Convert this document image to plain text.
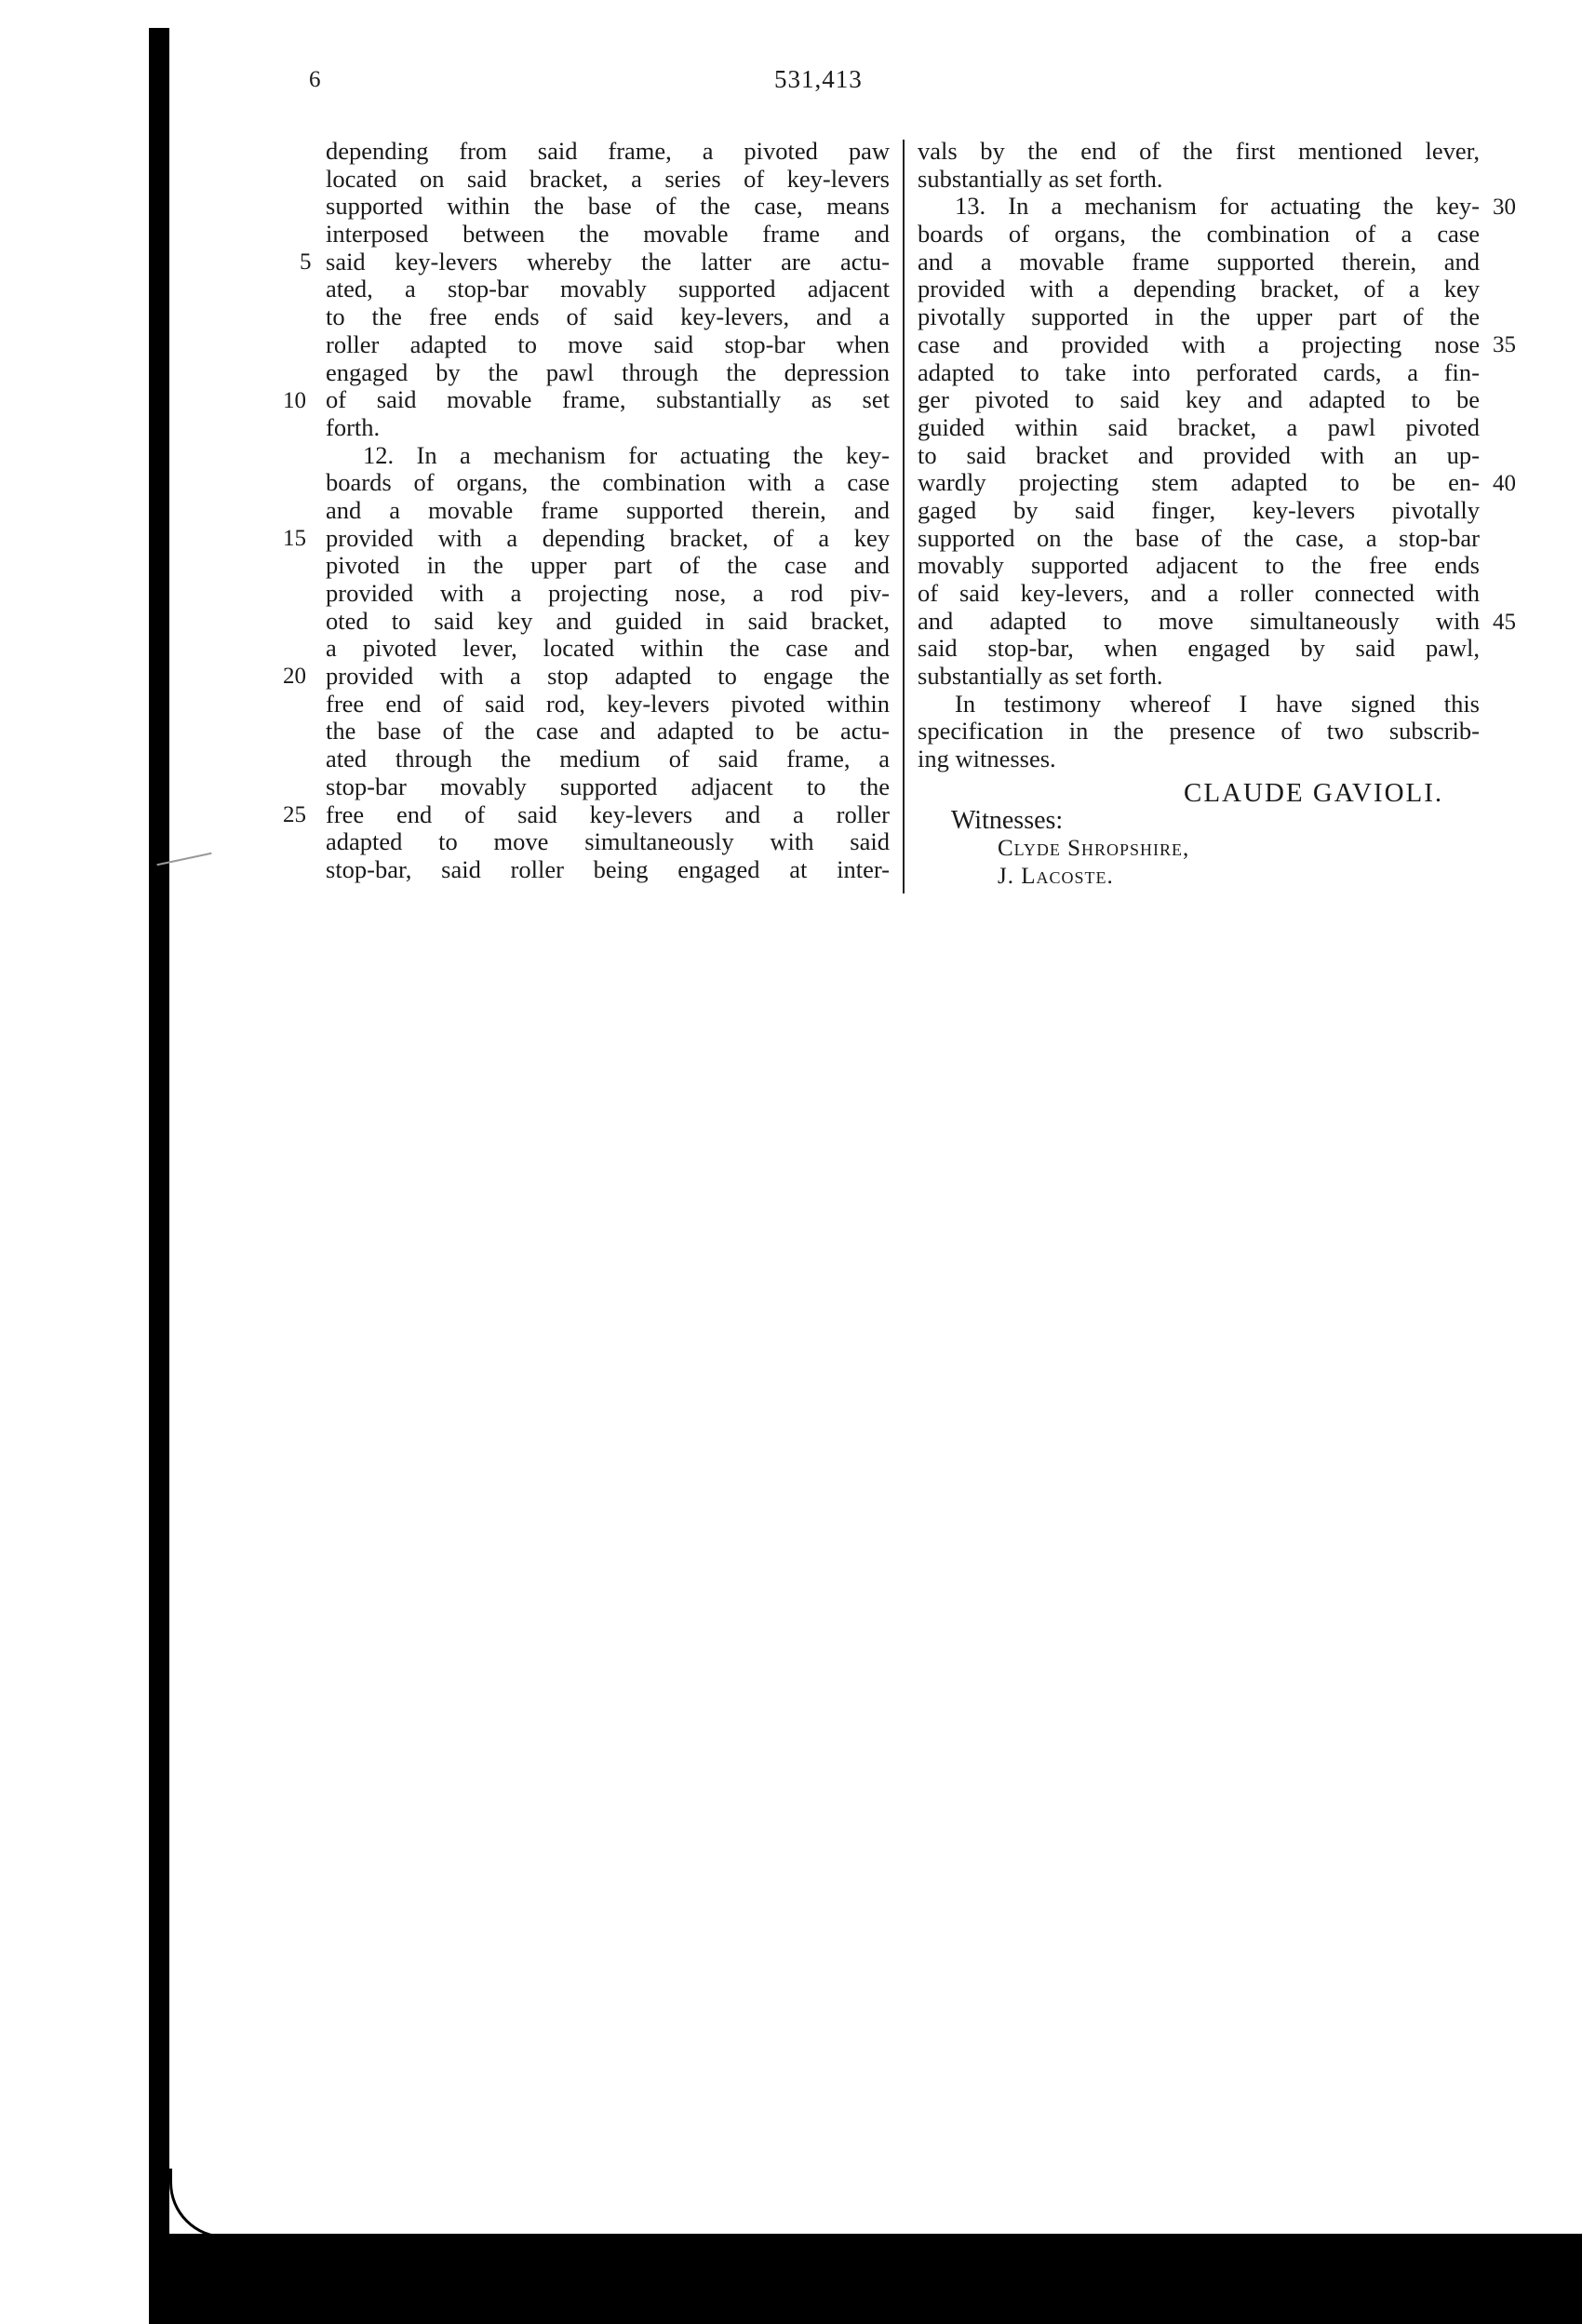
6	531,413
depending from said frame, a pivoted paw
located on said bracket, a series of key-levers
supported within the base of the case, means
interposed between the movable frame and
said key-levers whereby the latter are actu-
ated, a stop-bar movably supported adjacent
to the free ends of said key-levers, and a
roller adapted to move said stop-bar when
engaged by the pawl through the depression
of said movable frame, substantially as set
forth.
12. In a mechanism for actuating the key-
boards of organs, the combination with a case
and a movable frame supported therein, and
provided with a depending bracket, of a key
pivoted in the upper part of the case and
provided with a projecting nose, a rod piv-
oted to said key and guided in said bracket,
a pivoted lever, located within the case and
provided with a stop adapted to engage the
free end of said rod, key-levers pivoted within
the base of the case and adapted to be actu-
ated through the medium of said frame, a
stop-bar movably supported adjacent to the
free end of said key-levers and a roller
adapted to move simultaneously with said
stop-bar, said roller being engaged at inter-
vals by the end of the first mentioned lever,
substantially as set forth.
13. In a mechanism for actuating the key-
boards of organs, the combination of a case
and a movable frame supported therein, and
provided with a depending bracket, of a key
pivotally supported in the upper part of the
case and provided with a projecting nose
adapted to take into perforated cards, a fin-
ger pivoted to said key and adapted to be
guided within said bracket, a pawl pivoted
to said bracket and provided with an up-
wardly projecting stem adapted to be en-
gaged by said finger, key-levers pivotally
supported on the base of the case, a stop-bar
movably supported adjacent to the free ends
of said key-levers, and a roller connected with
and adapted to move simultaneously with
said stop-bar, when engaged by said pawl,
substantially as set forth.
In testimony whereof I have signed this
specification in the presence of two subscrib-
ing witnesses.
5
10
15
20
25
30
35
40
45
CLAUDE GAVIOLI.
Witnesses:
Clyde Shropshire,
J. Lacoste.
